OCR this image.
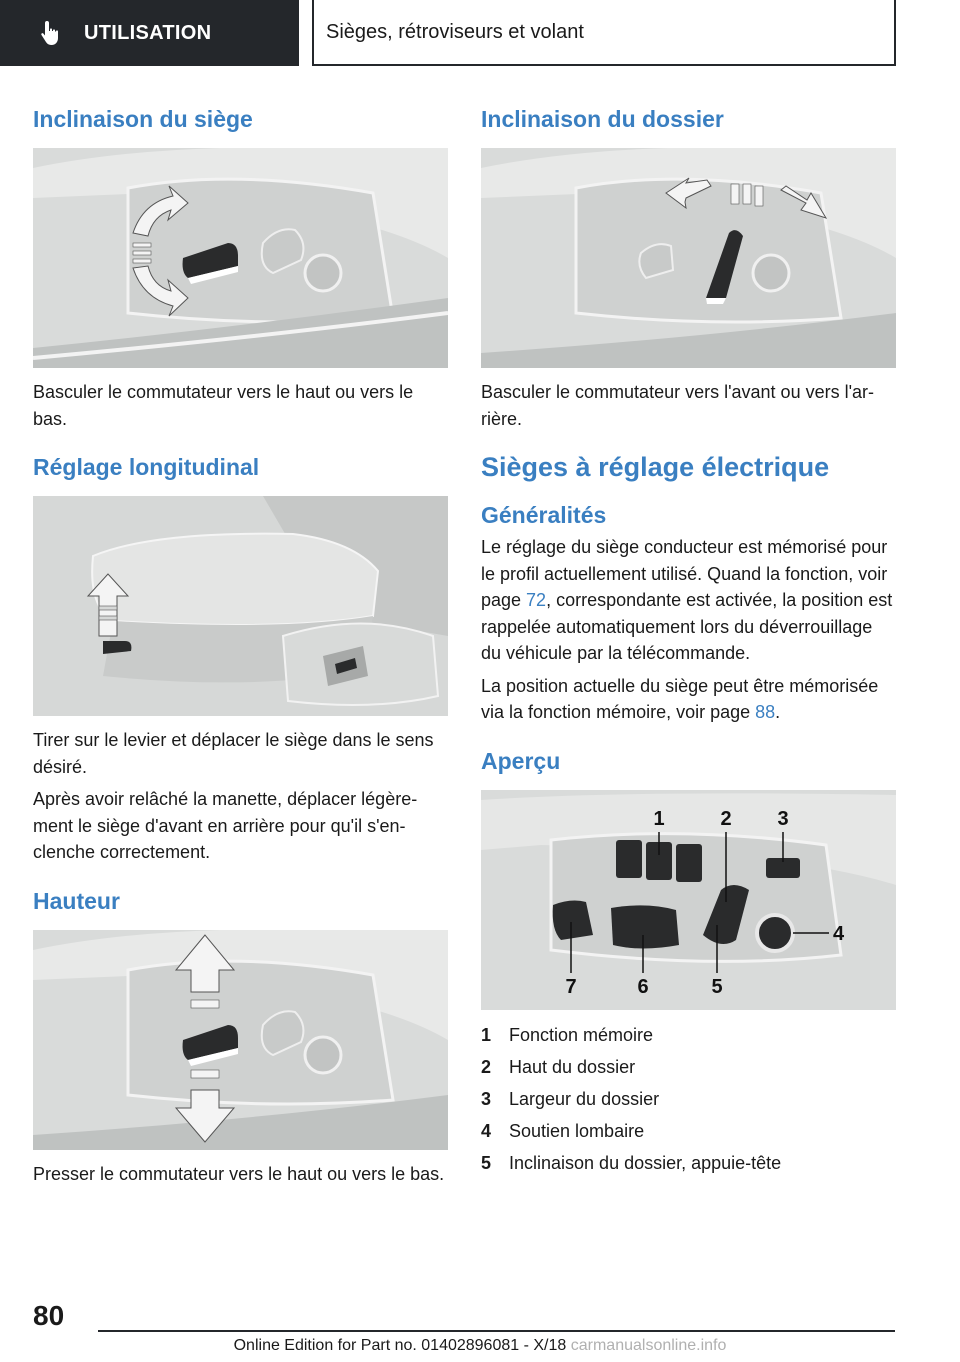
UTILISATION	Sièges, rétroviseurs et volant
Inclinaison du siège
Basculer le commutateur vers le haut ou vers le bas.
Réglage longitudinal
Tirer sur le levier et déplacer le siège dans le sens désiré.
Après avoir relâché la manette, déplacer légèrement le siège d'avant en arrière pour qu'il s'enclenche correctement.
Hauteur
Presser le commutateur vers le haut ou vers le bas.
Inclinaison du dossier
Basculer le commutateur vers l'avant ou vers l'arrière.
Sièges à réglage électrique
Généralités
Le réglage du siège conducteur est mémorisé pour le profil actuellement utilisé. Quand la fonction, voir page 72, correspondante est activée, la position est rappelée automatiquement lors du déverrouillage du véhicule par la télécommande.
La position actuelle du siège peut être mémorisée via la fonction mémoire, voir page 88.
Aperçu
1	2 3
4
5
6
7
1 Fonction mémoire
2 Haut du dossier
3 Largeur du dossier
4 Soutien lombaire
5 Inclinaison du dossier, appuie-tête
80
Online Edition for Part no. 01402896081 - X/18 carmanualsonline.info
